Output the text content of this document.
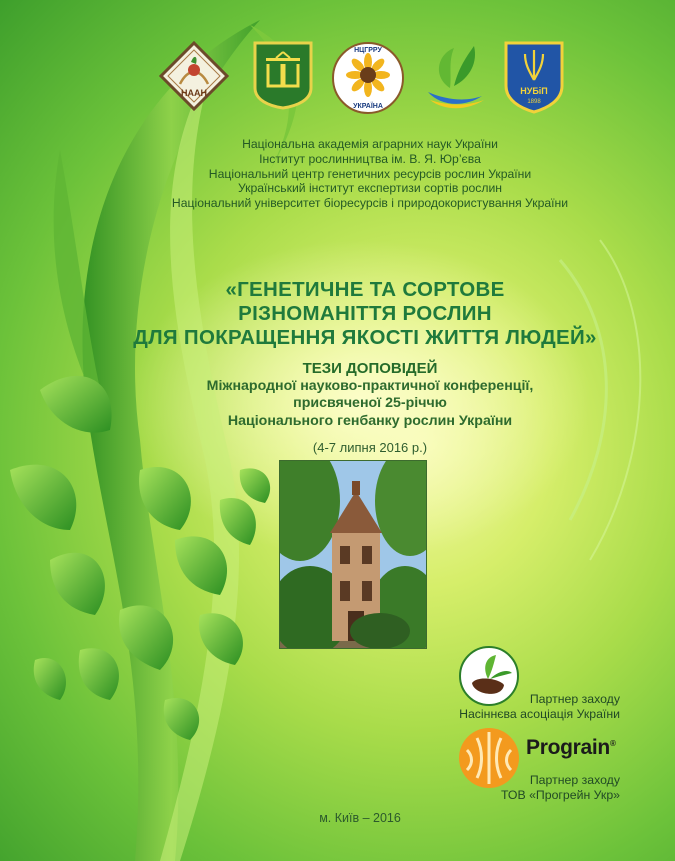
НААН
НЦГРРУ
УКРАЇНА
НУБіП
1898
Національна академія аграрних наук України
Інститут рослинництва ім. В. Я. Юр’єва
Національний центр генетичних ресурсів рослин України
Український інститут експертизи сортів рослин
Національний університет біоресурсів і природокористування України
«ГЕНЕТИЧНЕ ТА СОРТОВЕ
РІЗНОМАНІТТЯ РОСЛИН
ДЛЯ ПОКРАЩЕННЯ ЯКОСТІ ЖИТТЯ ЛЮДЕЙ»
ТЕЗИ ДОПОВІДЕЙ
Міжнародної науково-практичної конференції,
присвяченої 25-річчю
Національного генбанку рослин України
(4-7 липня 2016 р.)
Партнер заходу
Насіннєва асоціація України
Prograin®
Партнер заходу
ТОВ «Прогрейн Укр»
м. Київ – 2016
